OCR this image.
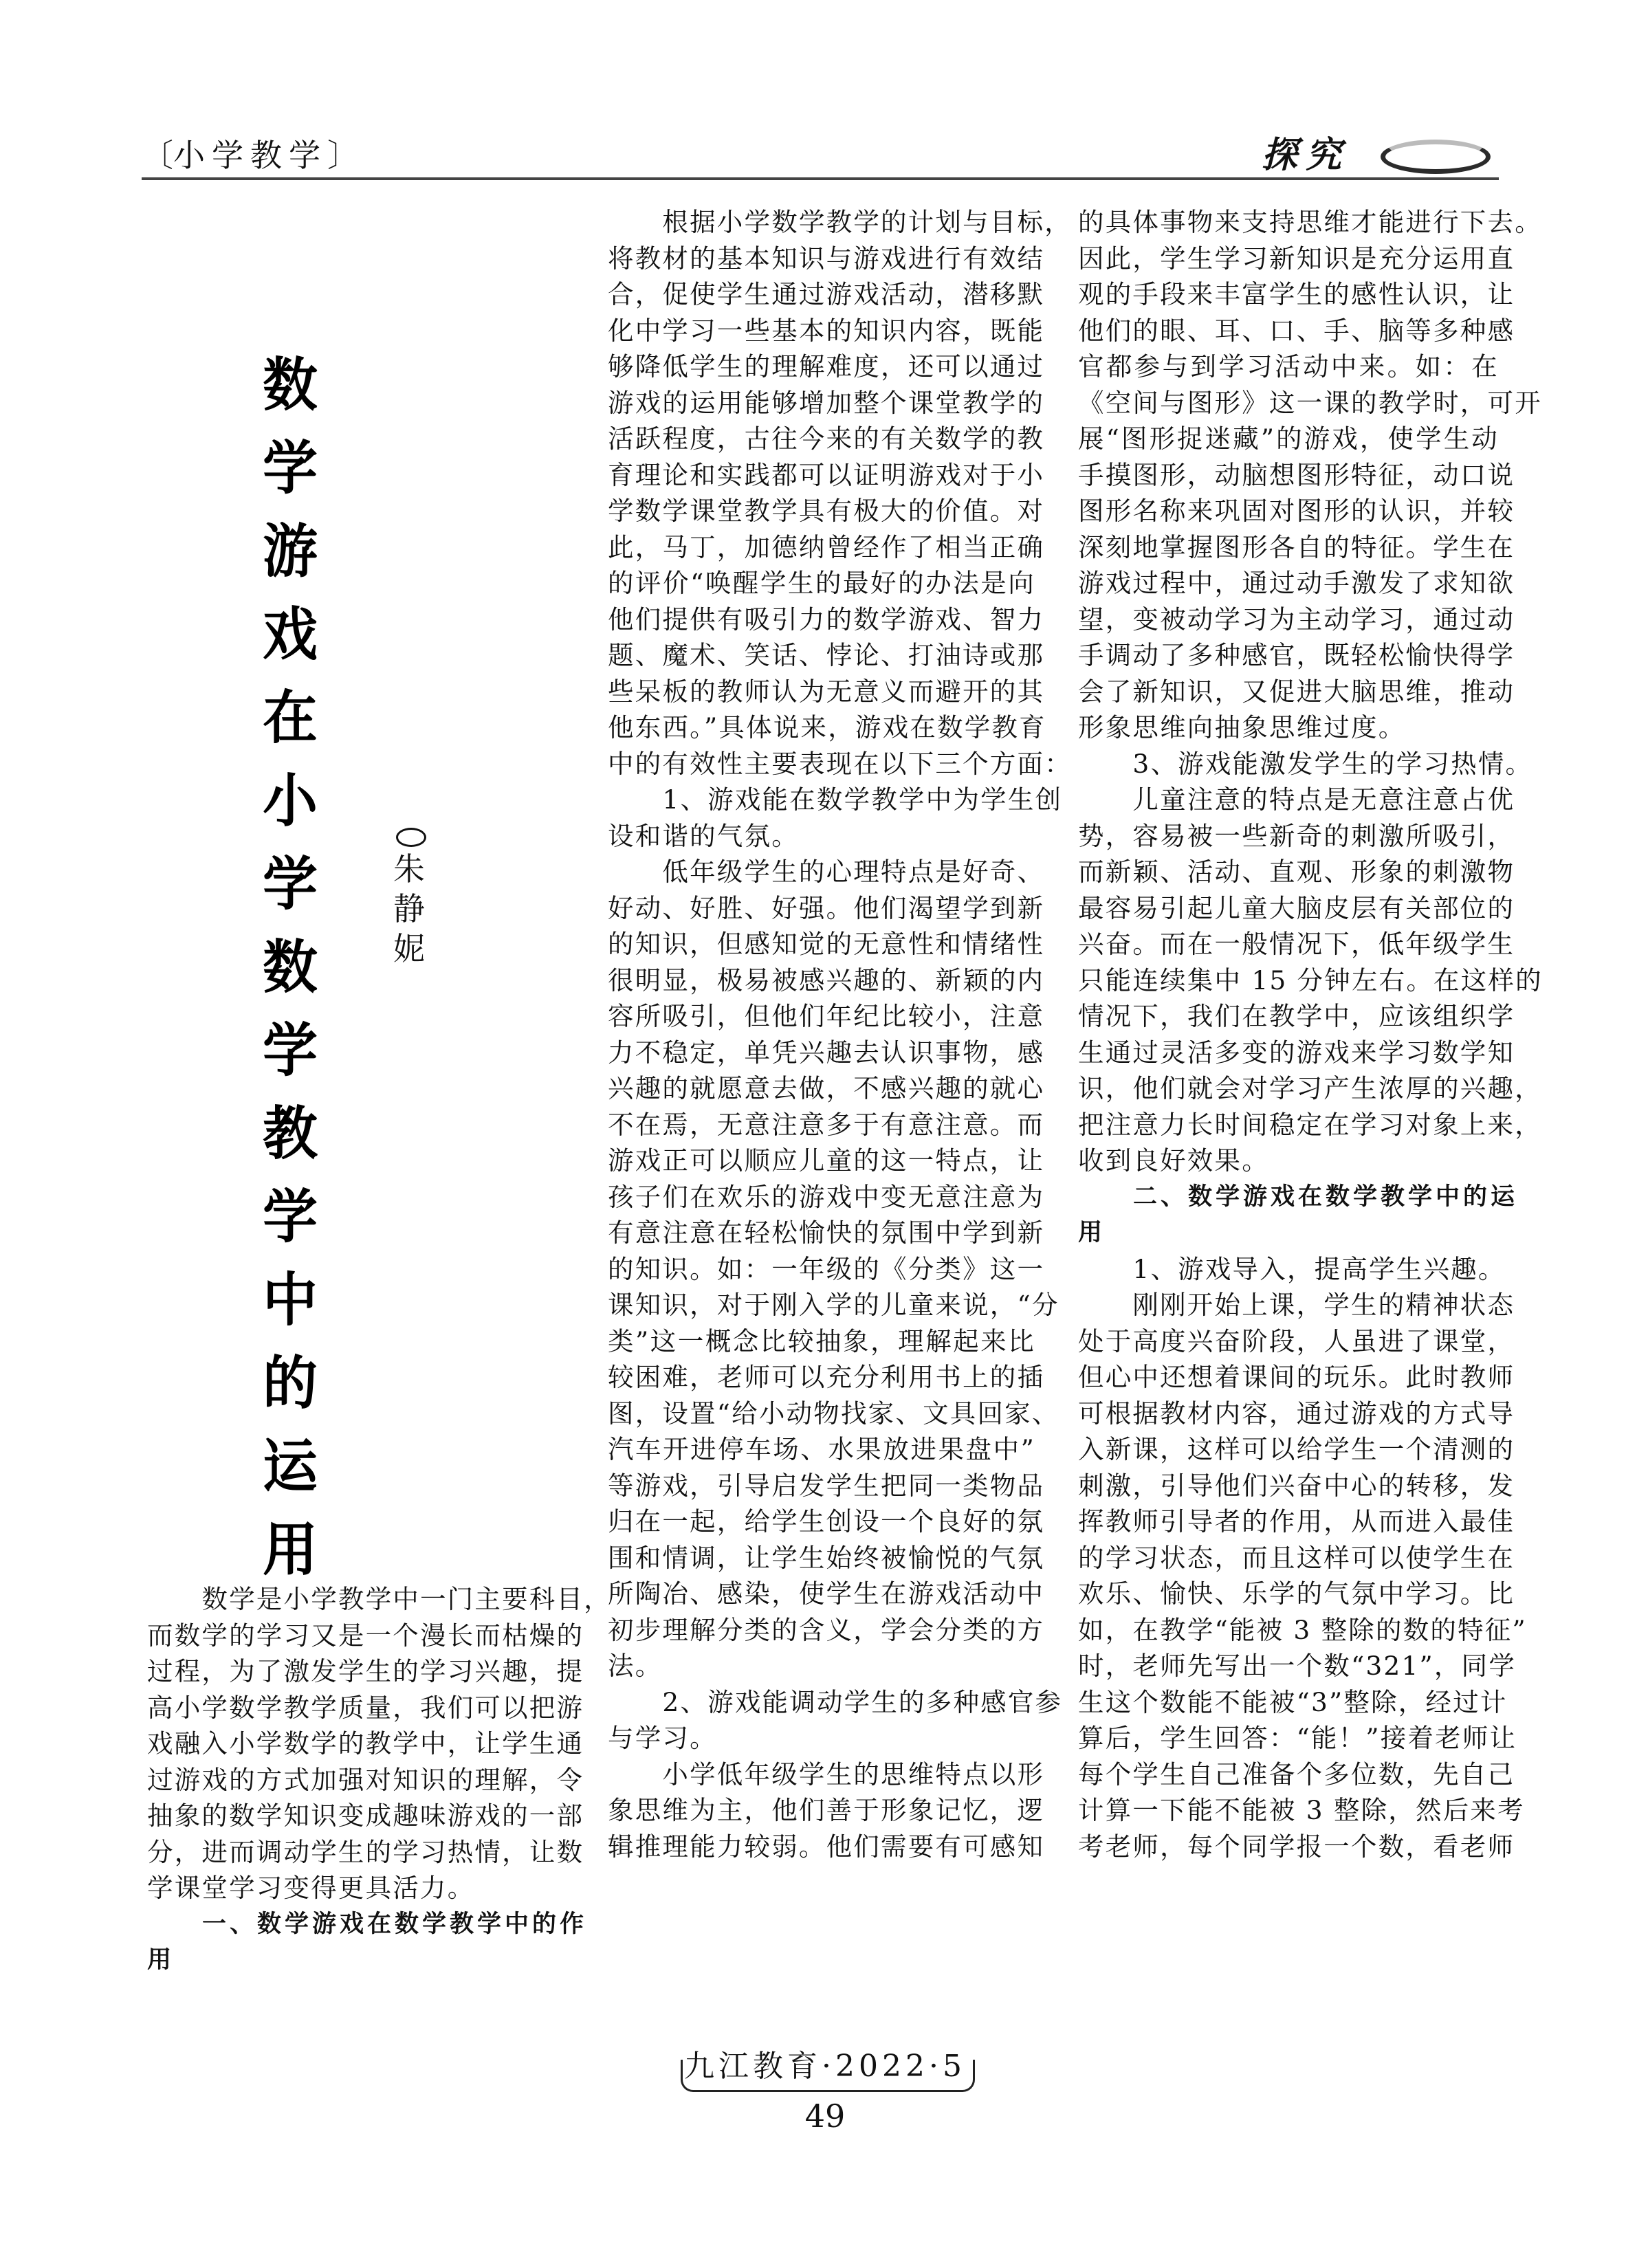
〔小学教学〕	探究
数
学
游
戏
在
小
学
数
学
教
学
中
的
运
用
朱
静
妮

　　数学是小学教学中一门主要科目，
而数学的学习又是一个漫长而枯燥的
过程，为了激发学生的学习兴趣，提
高小学数学教学质量，我们可以把游
戏融入小学数学的教学中，让学生通
过游戏的方式加强对知识的理解，令
抽象的数学知识变成趣味游戏的一部
分，进而调动学生的学习热情，让数
学课堂学习变得更具活力。

　　一、数学游戏在数学教学中的作
用

　　根据小学数学教学的计划与目标，
将教材的基本知识与游戏进行有效结
合，促使学生通过游戏活动，潜移默
化中学习一些基本的知识内容，既能
够降低学生的理解难度，还可以通过
游戏的运用能够增加整个课堂教学的
活跃程度，古往今来的有关数学的教
育理论和实践都可以证明游戏对于小
学数学课堂教学具有极大的价值。对
此，马丁，加德纳曾经作了相当正确
的评价“唤醒学生的最好的办法是向
他们提供有吸引力的数学游戏、智力
题、魔术、笑话、悖论、打油诗或那
些呆板的教师认为无意义而避开的其
他东西。”具体说来，游戏在数学教育
中的有效性主要表现在以下三个方面：

　　1、游戏能在数学教学中为学生创
设和谐的气氛。

　　低年级学生的心理特点是好奇、
好动、好胜、好强。他们渴望学到新
的知识，但感知觉的无意性和情绪性
很明显，极易被感兴趣的、新颖的内
容所吸引，但他们年纪比较小，注意
力不稳定，单凭兴趣去认识事物，感
兴趣的就愿意去做，不感兴趣的就心
不在焉，无意注意多于有意注意。而
游戏正可以顺应儿童的这一特点，让
孩子们在欢乐的游戏中变无意注意为
有意注意在轻松愉快的氛围中学到新
的知识。如：一年级的《分类》这一
课知识，对于刚入学的儿童来说，“分
类”这一概念比较抽象，理解起来比
较困难，老师可以充分利用书上的插
图，设置“给小动物找家、文具回家、
汽车开进停车场、水果放进果盘中”
等游戏，引导启发学生把同一类物品
归在一起，给学生创设一个良好的氛
围和情调，让学生始终被愉悦的气氛
所陶冶、感染，使学生在游戏活动中
初步理解分类的含义，学会分类的方
法。

　　2、游戏能调动学生的多种感官参
与学习。

　　小学低年级学生的思维特点以形
象思维为主，他们善于形象记忆，逻
辑推理能力较弱。他们需要有可感知

的具体事物来支持思维才能进行下去。
因此，学生学习新知识是充分运用直
观的手段来丰富学生的感性认识，让
他们的眼、耳、口、手、脑等多种感
官都参与到学习活动中来。如：在
《空间与图形》这一课的教学时，可开
展“图形捉迷藏”的游戏，使学生动
手摸图形，动脑想图形特征，动口说
图形名称来巩固对图形的认识，并较
深刻地掌握图形各自的特征。学生在
游戏过程中，通过动手激发了求知欲
望，变被动学习为主动学习，通过动
手调动了多种感官，既轻松愉快得学
会了新知识，又促进大脑思维，推动
形象思维向抽象思维过度。

　　3、游戏能激发学生的学习热情。

　　儿童注意的特点是无意注意占优
势，容易被一些新奇的刺激所吸引，
而新颖、活动、直观、形象的刺激物
最容易引起儿童大脑皮层有关部位的
兴奋。而在一般情况下，低年级学生
只能连续集中 15 分钟左右。在这样的
情况下，我们在教学中，应该组织学
生通过灵活多变的游戏来学习数学知
识，他们就会对学习产生浓厚的兴趣，
把注意力长时间稳定在学习对象上来，
收到良好效果。

　　二、数学游戏在数学教学中的运
用

　　1、游戏导入，提高学生兴趣。

　　刚刚开始上课，学生的精神状态
处于高度兴奋阶段，人虽进了课堂，
但心中还想着课间的玩乐。此时教师
可根据教材内容，通过游戏的方式导
入新课，这样可以给学生一个清测的
刺激，引导他们兴奋中心的转移，发
挥教师引导者的作用，从而进入最佳
的学习状态，而且这样可以使学生在
欢乐、愉快、乐学的气氛中学习。比
如，在教学“能被 3 整除的数的特征”
时，老师先写出一个数“321”，同学
生这个数能不能被“3”整除，经过计
算后，学生回答：“能！”接着老师让
每个学生自己准备个多位数，先自己
计算一下能不能被 3 整除，然后来考
考老师，每个同学报一个数，看老师

九江教育·2022·5
49
